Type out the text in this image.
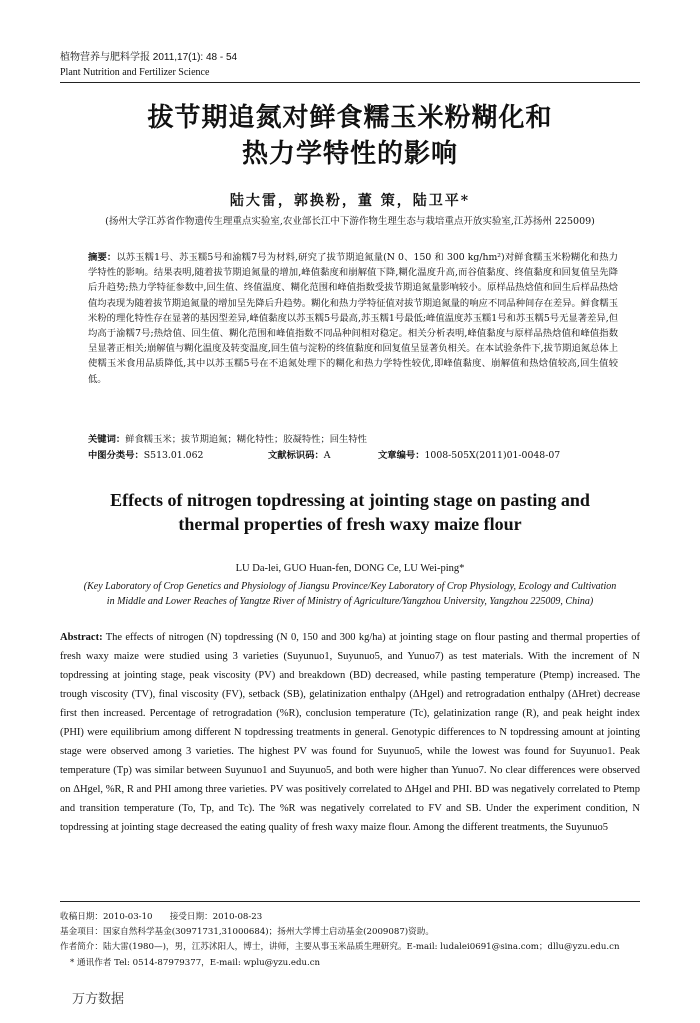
植物营养与肥料学报 2011,17(1): 48 - 54
Plant Nutrition and Fertilizer Science
拔节期追氮对鲜食糯玉米粉糊化和
热力学特性的影响
陆大雷，郭换粉，董 策，陆卫平*
(扬州大学江苏省作物遗传生理重点实验室,农业部长江中下游作物生理生态与栽培重点开放实验室,江苏扬州 225009)
摘要：以苏玉糯1号、苏玉糯5号和渝糯7号为材料,研究了拔节期追氮量(N 0、150 和 300 kg/hm²)对鲜食糯玉米粉糊化和热力学特性的影响。结果表明,随着拔节期追氮量的增加,峰值黏度和崩解值下降,糊化温度升高,而谷值黏度、终值黏度和回复值呈先降后升趋势;热力学特征参数中,回生值、终值温度、糊化范围和峰值指数受拔节期追氮量影响较小。原样品热焓值和回生后样品热焓值均表现为随着拔节期追氮量的增加呈先降后升趋势。糊化和热力学特征值对拔节期追氮量的响应不同品种间存在差异。鲜食糯玉米粉的理化特性存在显著的基因型差异,峰值黏度以苏玉糯5号最高,苏玉糯1号最低;峰值温度苏玉糯1号和苏玉糯5号无显著差异,但均高于渝糯7号;热焓值、回生值、糊化范围和峰值指数不同品种间相对稳定。相关分析表明,峰值黏度与原样品热焓值和峰值指数呈显著正相关;崩解值与糊化温度及转变温度,回生值与淀粉的终值黏度和回复值呈显著负相关。在本试验条件下,拔节期追氮总体上使糯玉米食用品质降低,其中以苏玉糯5号在不追氮处理下的糊化和热力学特性较优,即峰值黏度、崩解值和热焓值较高,回生值较低。
关键词：鲜食糯玉米；拔节期追氮；糊化特性；胶凝特性；回生特性
中图分类号：S513.01.062	文献标识码：A	文章编号：1008-505X(2011)01-0048-07
Effects of nitrogen topdressing at jointing stage on pasting and
thermal properties of fresh waxy maize flour
LU Da-lei, GUO Huan-fen, DONG Ce, LU Wei-ping*
(Key Laboratory of Crop Genetics and Physiology of Jiangsu Province/Key Laboratory of Crop Physiology, Ecology and Cultivation
in Middle and Lower Reaches of Yangtze River of Ministry of Agriculture/Yangzhou University, Yangzhou 225009, China)
Abstract: The effects of nitrogen (N) topdressing (N 0, 150 and 300 kg/ha) at jointing stage on flour pasting and thermal properties of fresh waxy maize were studied using 3 varieties (Suyunuo1, Suyunuo5, and Yunuo7) as test materials. With the increment of N topdressing at jointing stage, peak viscosity (PV) and breakdown (BD) decreased, while pasting temperature (Ptemp) increased. The trough viscosity (TV), final viscosity (FV), setback (SB), gelatinization enthalpy (ΔHgel) and retrogradation enthalpy (ΔHret) decrease first then increased. Percentage of retrogradation (%R), conclusion temperature (Tc), gelatinization range (R), and peak height index (PHI) were equilibrium among different N topdressing treatments in general. Genotypic differences to N topdressing amount at jointing stage were observed among 3 varieties. The highest PV was found for Suyunuo5, while the lowest was found for Suyunuo1. Peak temperature (Tp) was similar between Suyunuo1 and Suyunuo5, and both were higher than Yunuo7. No clear differences were observed on ΔHgel, %R, R and PHI among three varieties. PV was positively correlated to ΔHgel and PHI. BD was negatively correlated to Ptemp and transition temperature (To, Tp, and Tc). The %R was negatively correlated to FV and SB. Under the experiment condition, N topdressing at jointing stage decreased the eating quality of fresh waxy maize flour. Among the different treatments, the Suyunuo5
收稿日期：2010-03-10　　接受日期：2010-08-23
基金项目：国家自然科学基金(30971731,31000684)；扬州大学博士启动基金(2009087)资助。
作者简介：陆大雷(1980—)，男，江苏沭阳人，博士，讲师，主要从事玉米品质生理研究。E-mail: ludalei0691@sina.com；dllu@yzu.edu.cn
* 通讯作者 Tel: 0514-87979377，E-mail: wplu@yzu.edu.cn
万方数据
